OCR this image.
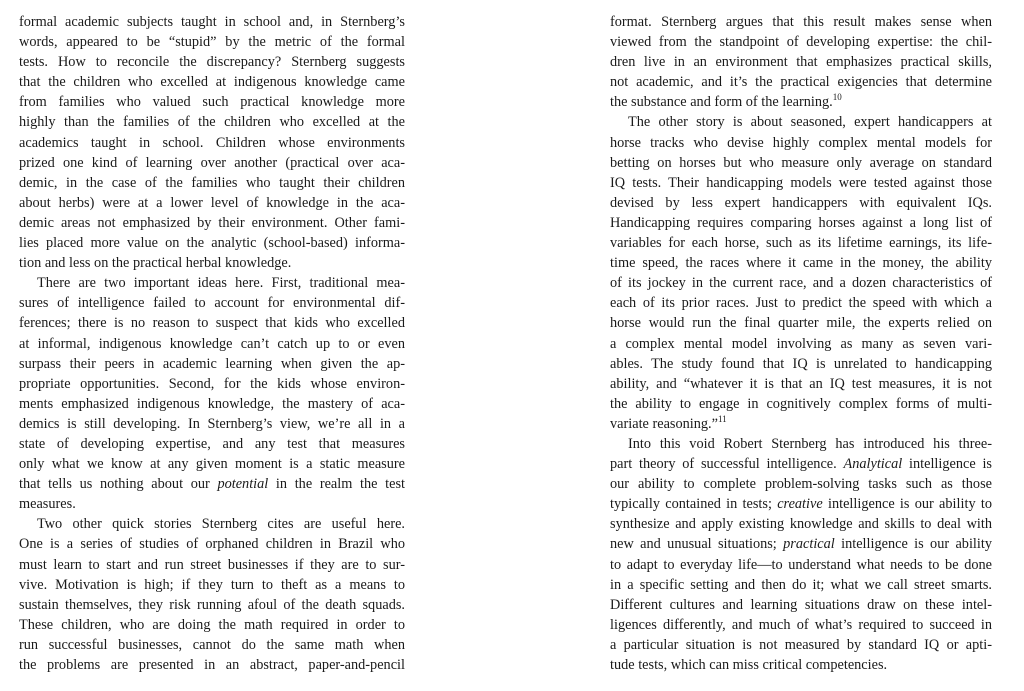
formal academic subjects taught in school and, in Sternberg’s
words, appeared to be “stupid” by the metric of the formal
tests. How to reconcile the discrepancy? Sternberg suggests
that the children who excelled at indigenous knowledge came
from families who valued such practical knowledge more
highly than the families of the children who excelled at the
academics taught in school. Children whose environments
prized one kind of learning over another (practical over aca-
demic, in the case of the families who taught their children
about herbs) were at a lower level of knowledge in the aca-
demic areas not emphasized by their environment. Other fami-
lies placed more value on the analytic (school-based) informa-
tion and less on the practical herbal knowledge.
There are two important ideas here. First, traditional mea-
sures of intelligence failed to account for environmental dif-
ferences; there is no reason to suspect that kids who excelled
at informal, indigenous knowledge can’t catch up to or even
surpass their peers in academic learning when given the ap-
propriate opportunities. Second, for the kids whose environ-
ments emphasized indigenous knowledge, the mastery of aca-
demics is still developing. In Sternberg’s view, we’re all in a
state of developing expertise, and any test that measures
only what we know at any given moment is a static measure
that tells us nothing about our potential in the realm the test
measures.
Two other quick stories Sternberg cites are useful here.
One is a series of studies of orphaned children in Brazil who
must learn to start and run street businesses if they are to sur-
vive. Motivation is high; if they turn to theft as a means to
sustain themselves, they risk running afoul of the death squads.
These children, who are doing the math required in order to
run successful businesses, cannot do the same math when
the problems are presented in an abstract, paper-and-pencil
format. Sternberg argues that this result makes sense when
viewed from the standpoint of developing expertise: the chil-
dren live in an environment that emphasizes practical skills,
not academic, and it’s the practical exigencies that determine
the substance and form of the learning.$^{10}$
The other story is about seasoned, expert handicappers at
horse tracks who devise highly complex mental models for
betting on horses but who measure only average on standard
IQ tests. Their handicapping models were tested against those
devised by less expert handicappers with equivalent IQs.
Handicapping requires comparing horses against a long list of
variables for each horse, such as its lifetime earnings, its life-
time speed, the races where it came in the money, the ability
of its jockey in the current race, and a dozen characteristics of
each of its prior races. Just to predict the speed with which a
horse would run the final quarter mile, the experts relied on
a complex mental model involving as many as seven vari-
ables. The study found that IQ is unrelated to handicapping
ability, and “whatever it is that an IQ test measures, it is not
the ability to engage in cognitively complex forms of multi-
variate reasoning.”$^{11}$
Into this void Robert Sternberg has introduced his three-
part theory of successful intelligence. Analytical intelligence is
our ability to complete problem-solving tasks such as those
typically contained in tests; creative intelligence is our ability to
synthesize and apply existing knowledge and skills to deal with
new and unusual situations; practical intelligence is our ability
to adapt to everyday life—to understand what needs to be done
in a specific setting and then do it; what we call street smarts.
Different cultures and learning situations draw on these intel-
ligences differently, and much of what’s required to succeed in
a particular situation is not measured by standard IQ or apti-
tude tests, which can miss critical competencies.
